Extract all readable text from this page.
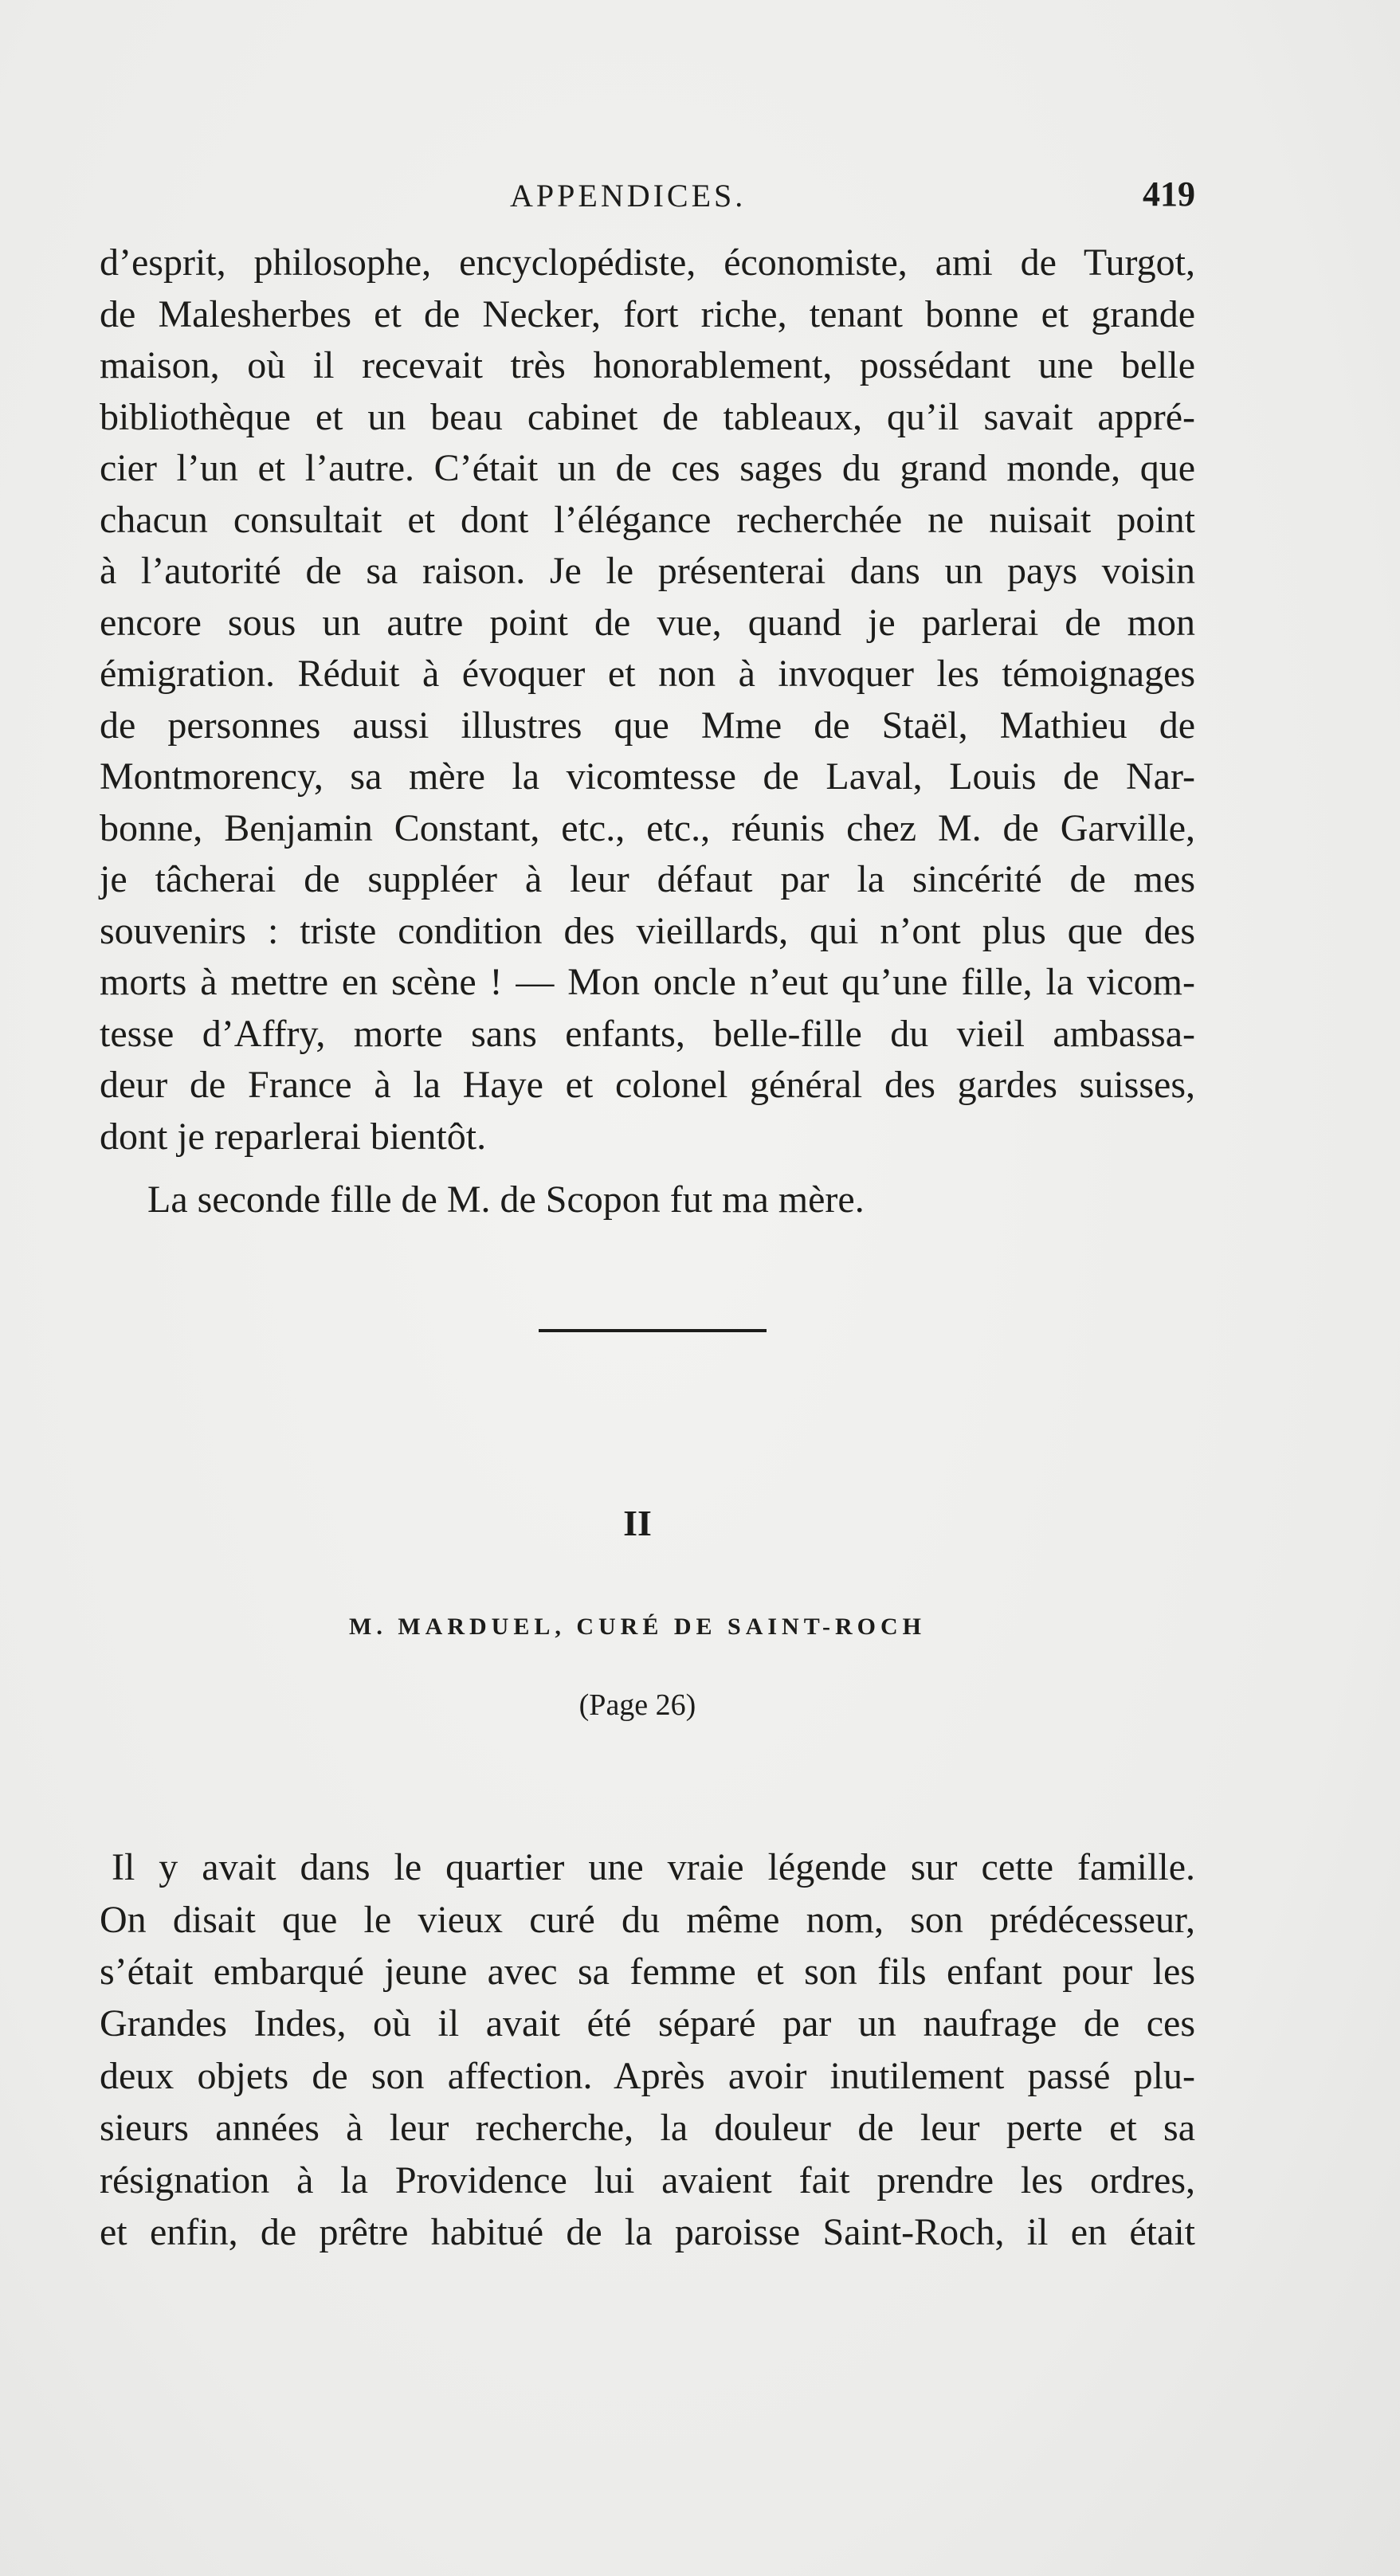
APPENDICES.	419
d’esprit, philosophe, encyclopédiste, économiste, ami de Turgot,
de Malesherbes et de Necker, fort riche, tenant bonne et grande
maison, où il recevait très honorablement, possédant une belle
bibliothèque et un beau cabinet de tableaux, qu’il savait appré-
cier l’un et l’autre. C’était un de ces sages du grand monde, que
chacun consultait et dont l’élégance recherchée ne nuisait point
à l’autorité de sa raison. Je le présenterai dans un pays voisin
encore sous un autre point de vue, quand je parlerai de mon
émigration. Réduit à évoquer et non à invoquer les témoignages
de personnes aussi illustres que Mme de Staël, Mathieu de
Montmorency, sa mère la vicomtesse de Laval, Louis de Nar-
bonne, Benjamin Constant, etc., etc., réunis chez M. de Garville,
je tâcherai de suppléer à leur défaut par la sincérité de mes
souvenirs : triste condition des vieillards, qui n’ont plus que des
morts à mettre en scène ! — Mon oncle n’eut qu’une fille, la vicom-
tesse d’Affry, morte sans enfants, belle-fille du vieil ambassa-
deur de France à la Haye et colonel général des gardes suisses,
dont je reparlerai bientôt.
La seconde fille de M. de Scopon fut ma mère.
II
M. MARDUEL, CURÉ DE SAINT-ROCH
(Page 26)
Il y avait dans le quartier une vraie légende sur cette famille.
On disait que le vieux curé du même nom, son prédécesseur,
s’était embarqué jeune avec sa femme et son fils enfant pour les
Grandes Indes, où il avait été séparé par un naufrage de ces
deux objets de son affection. Après avoir inutilement passé plu-
sieurs années à leur recherche, la douleur de leur perte et sa
résignation à la Providence lui avaient fait prendre les ordres,
et enfin, de prêtre habitué de la paroisse Saint-Roch, il en était
